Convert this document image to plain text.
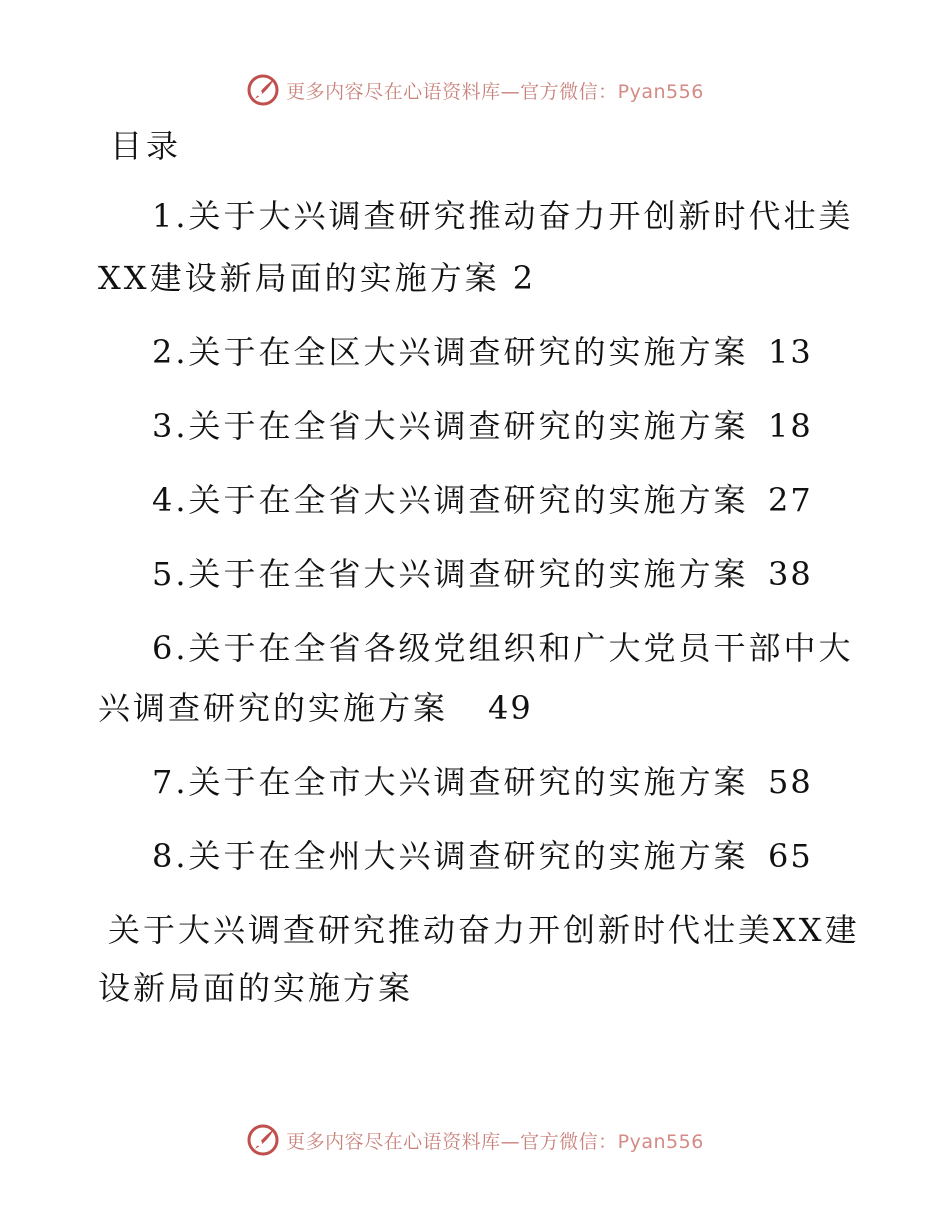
更多内容尽在心语资料库—官方微信：Pyan556
目录
1.关于大兴调查研究推动奋力开创新时代壮美
XX建设新局面的实施方案 2
2.关于在全区大兴调查研究的实施方案 13
3.关于在全省大兴调查研究的实施方案 18
4.关于在全省大兴调查研究的实施方案 27
5.关于在全省大兴调查研究的实施方案 38
6.关于在全省各级党组织和广大党员干部中大
兴调查研究的实施方案 49
7.关于在全市大兴调查研究的实施方案 58
8.关于在全州大兴调查研究的实施方案 65
关于大兴调查研究推动奋力开创新时代壮美XX建
设新局面的实施方案
更多内容尽在心语资料库—官方微信：Pyan556
